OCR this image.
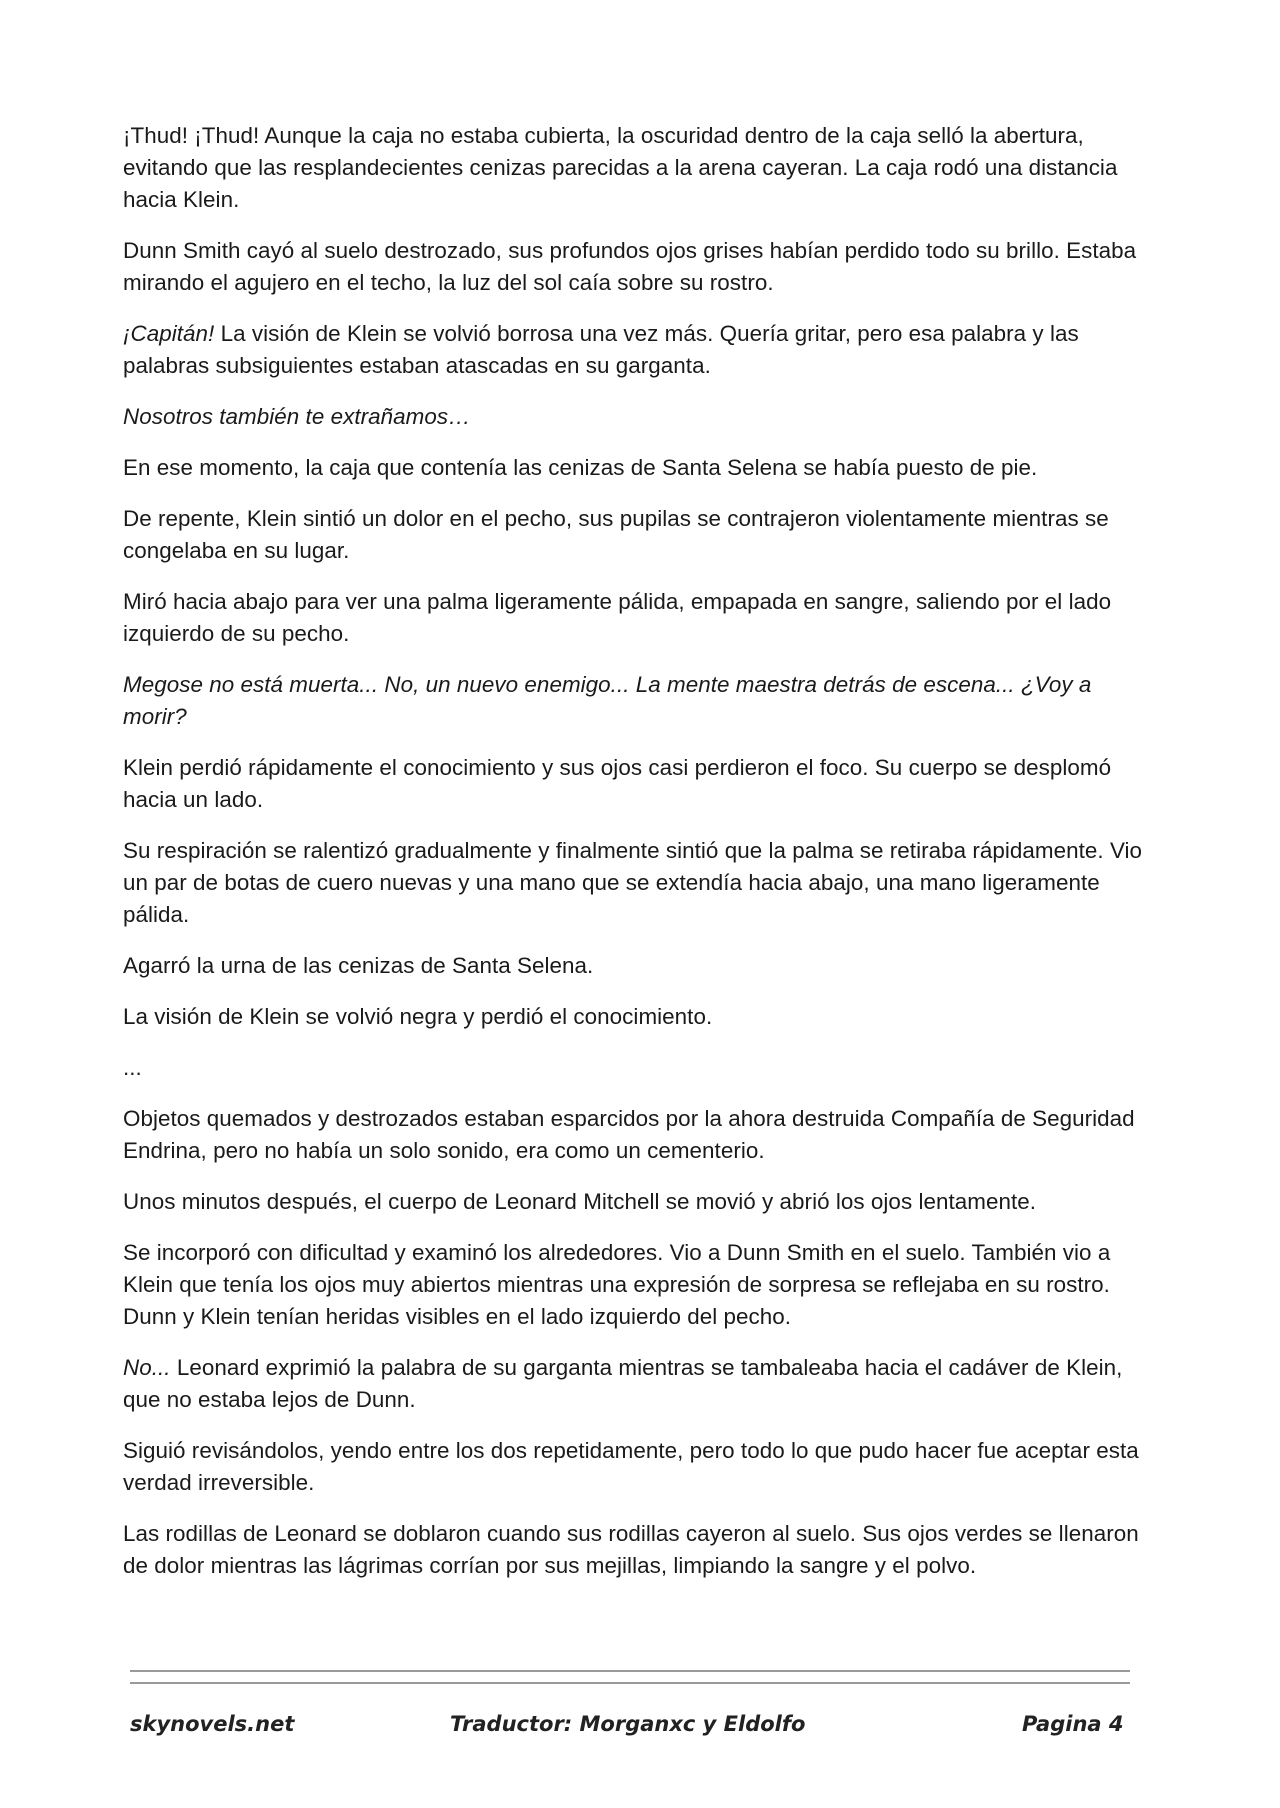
¡Thud! ¡Thud! Aunque la caja no estaba cubierta, la oscuridad dentro de la caja selló la abertura, evitando que las resplandecientes cenizas parecidas a la arena cayeran. La caja rodó una distancia hacia Klein.

Dunn Smith cayó al suelo destrozado, sus profundos ojos grises habían perdido todo su brillo. Estaba mirando el agujero en el techo, la luz del sol caía sobre su rostro.

¡Capitán! La visión de Klein se volvió borrosa una vez más. Quería gritar, pero esa palabra y las palabras subsiguientes estaban atascadas en su garganta.

Nosotros también te extrañamos…

En ese momento, la caja que contenía las cenizas de Santa Selena se había puesto de pie.

De repente, Klein sintió un dolor en el pecho, sus pupilas se contrajeron violentamente mientras se congelaba en su lugar.

Miró hacia abajo para ver una palma ligeramente pálida, empapada en sangre, saliendo por el lado izquierdo de su pecho.

Megose no está muerta... No, un nuevo enemigo... La mente maestra detrás de escena... ¿Voy a morir?

Klein perdió rápidamente el conocimiento y sus ojos casi perdieron el foco. Su cuerpo se desplomó hacia un lado.

Su respiración se ralentizó gradualmente y finalmente sintió que la palma se retiraba rápidamente. Vio un par de botas de cuero nuevas y una mano que se extendía hacia abajo, una mano ligeramente pálida.

Agarró la urna de las cenizas de Santa Selena.

La visión de Klein se volvió negra y perdió el conocimiento.

...

Objetos quemados y destrozados estaban esparcidos por la ahora destruida Compañía de Seguridad Endrina, pero no había un solo sonido, era como un cementerio.

Unos minutos después, el cuerpo de Leonard Mitchell se movió y abrió los ojos lentamente.

Se incorporó con dificultad y examinó los alrededores. Vio a Dunn Smith en el suelo. También vio a Klein que tenía los ojos muy abiertos mientras una expresión de sorpresa se reflejaba en su rostro. Dunn y Klein tenían heridas visibles en el lado izquierdo del pecho.

No... Leonard exprimió la palabra de su garganta mientras se tambaleaba hacia el cadáver de Klein, que no estaba lejos de Dunn.

Siguió revisándolos, yendo entre los dos repetidamente, pero todo lo que pudo hacer fue aceptar esta verdad irreversible.

Las rodillas de Leonard se doblaron cuando sus rodillas cayeron al suelo. Sus ojos verdes se llenaron de dolor mientras las lágrimas corrían por sus mejillas, limpiando la sangre y el polvo.

skynovels.net	Traductor: Morganxc y Eldolfo	Pagina 4
